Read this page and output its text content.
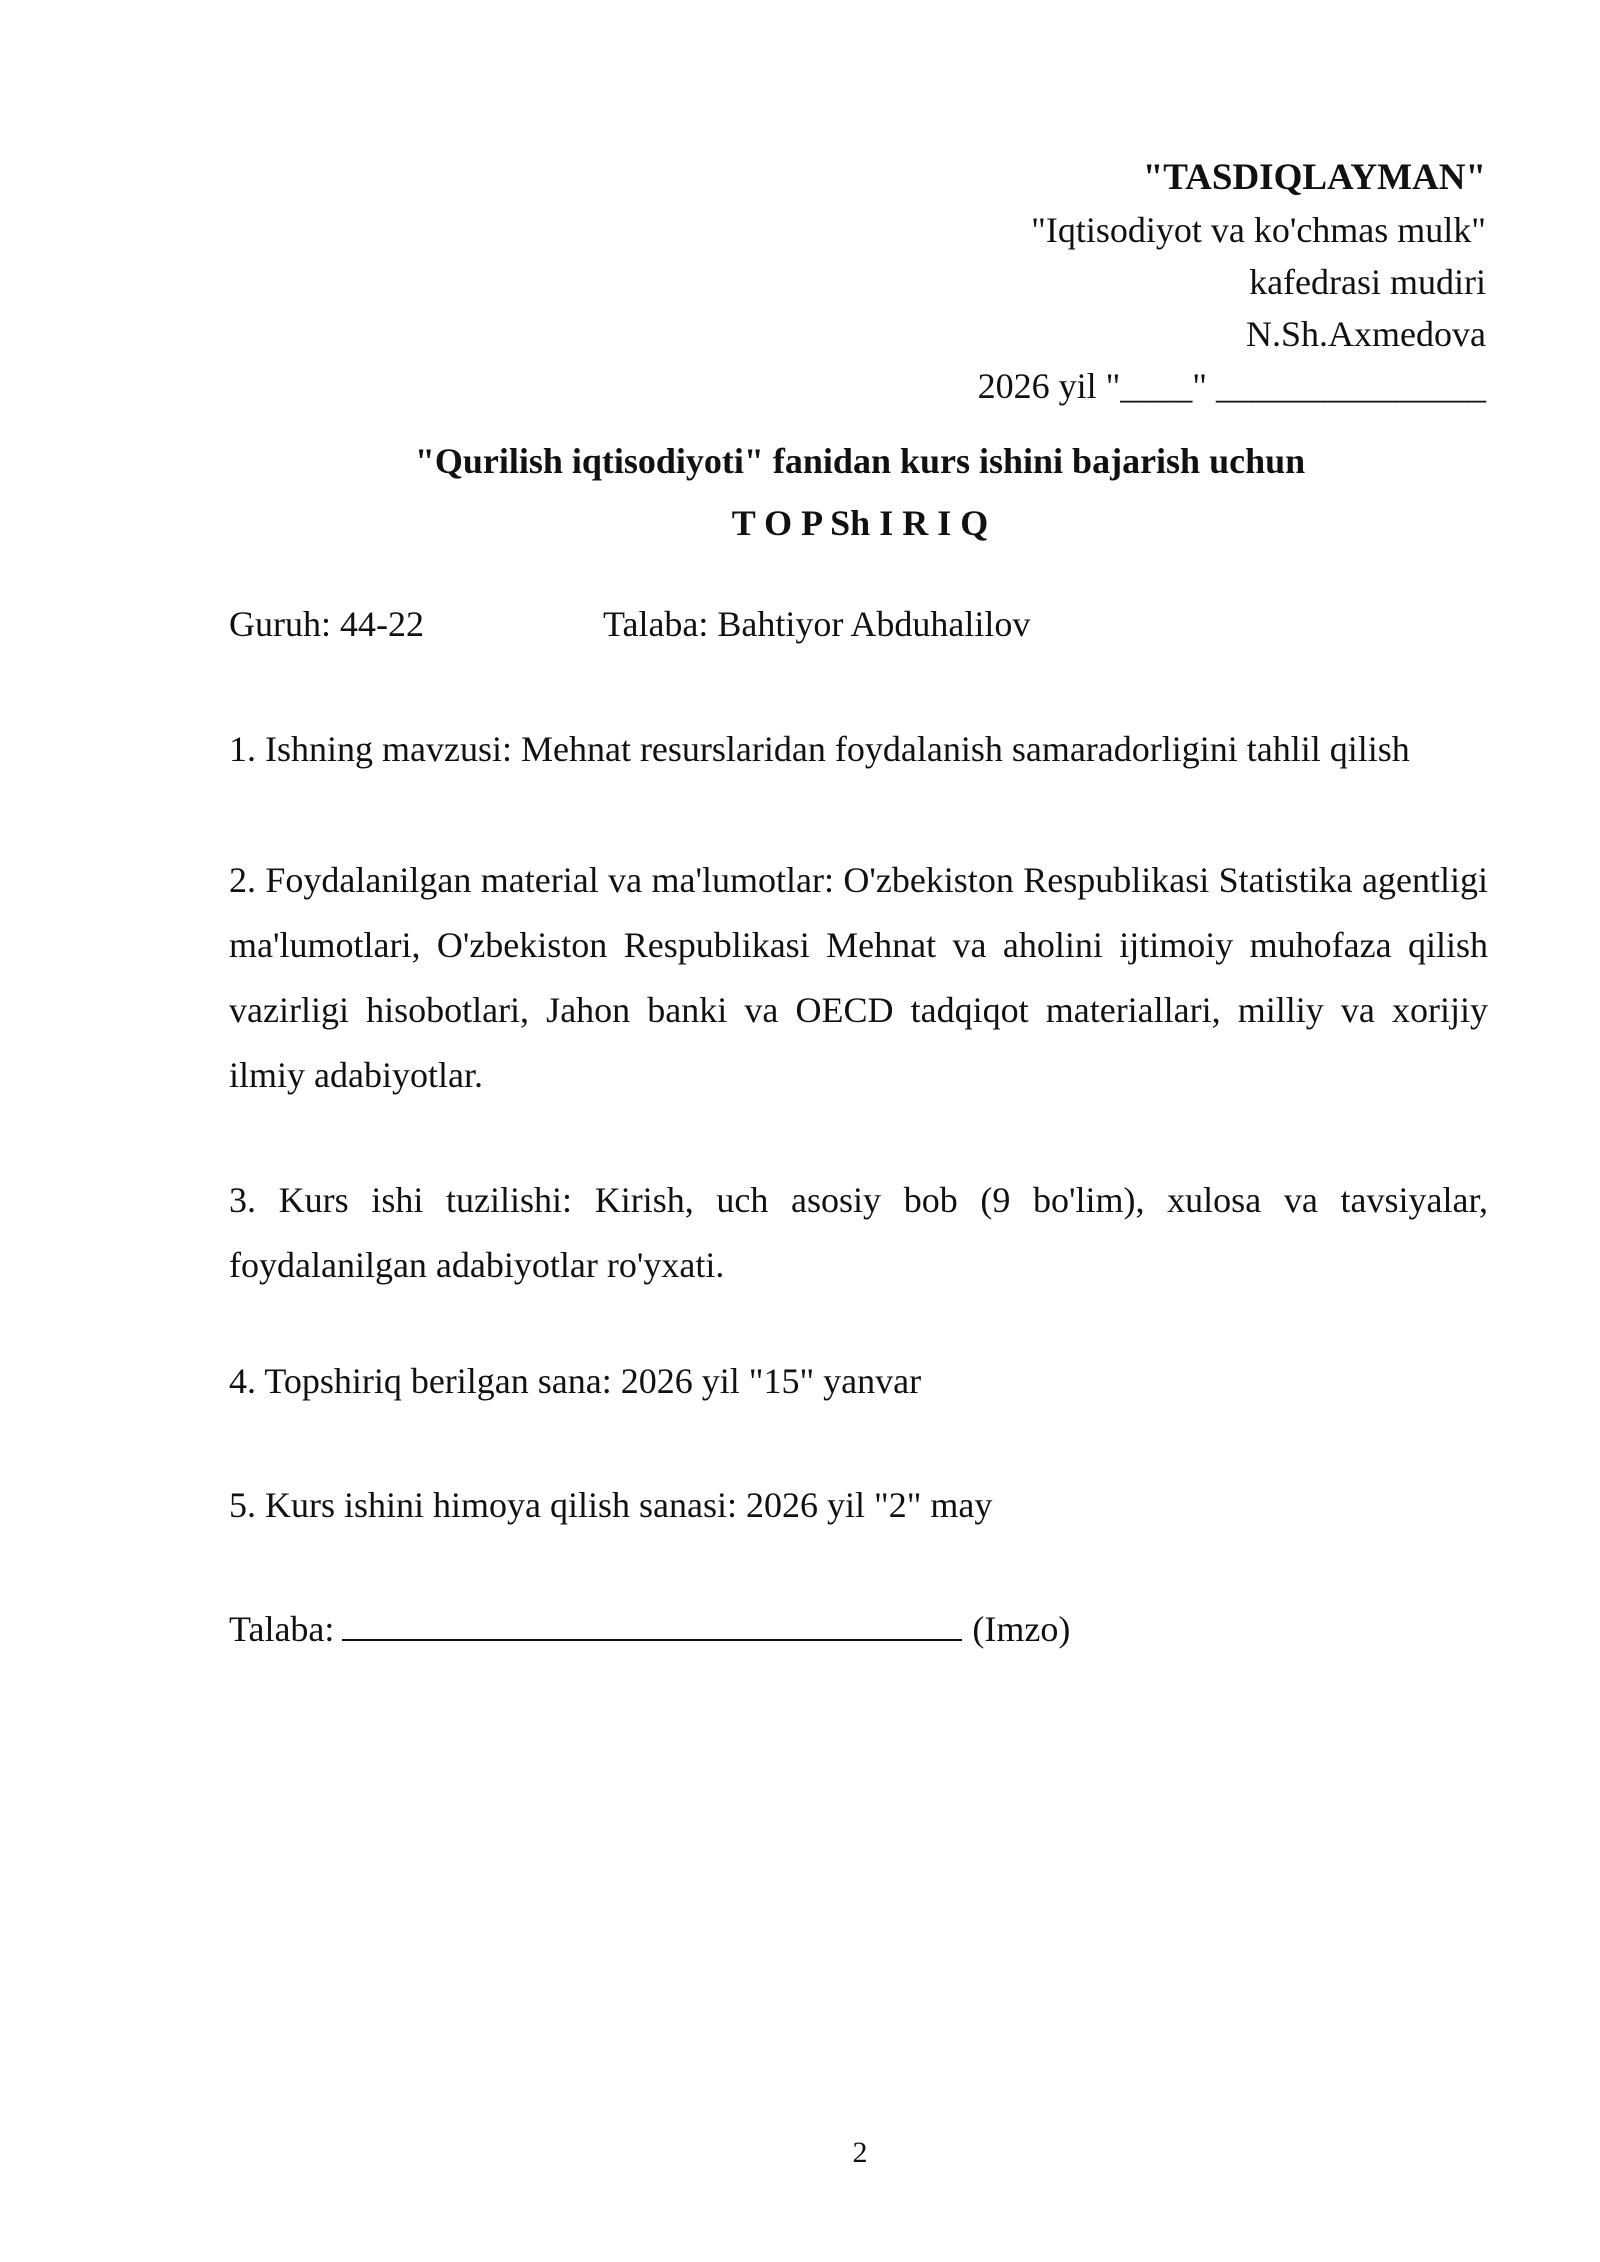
"TASDIQLAYMAN"
"Iqtisodiyot va ko'chmas mulk"
kafedrasi mudiri
N.Sh.Axmedova
2026 yil "____" _______________
"Qurilish iqtisodiyoti" fanidan kurs ishini bajarish uchun
T O P Sh I R I Q
Guruh: 44-22	Talaba: Bahtiyor Abduhalilov
1. Ishning mavzusi: Mehnat resurslaridan foydalanish samaradorligini tahlil qilish
2. Foydalanilgan material va ma'lumotlar: O'zbekiston Respublikasi Statistika agentligi ma'lumotlari, O'zbekiston Respublikasi Mehnat va aholini ijtimoiy muhofaza qilish vazirligi hisobotlari, Jahon banki va OECD tadqiqot materiallari, milliy va xorijiy ilmiy adabiyotlar.
3. Kurs ishi tuzilishi: Kirish, uch asosiy bob (9 bo'lim), xulosa va tavsiyalar, foydalanilgan adabiyotlar ro'yxati.
4. Topshiriq berilgan sana: 2026 yil "15" yanvar
5. Kurs ishini himoya qilish sanasi: 2026 yil "2" may
Talaba:	(Imzo)
2
